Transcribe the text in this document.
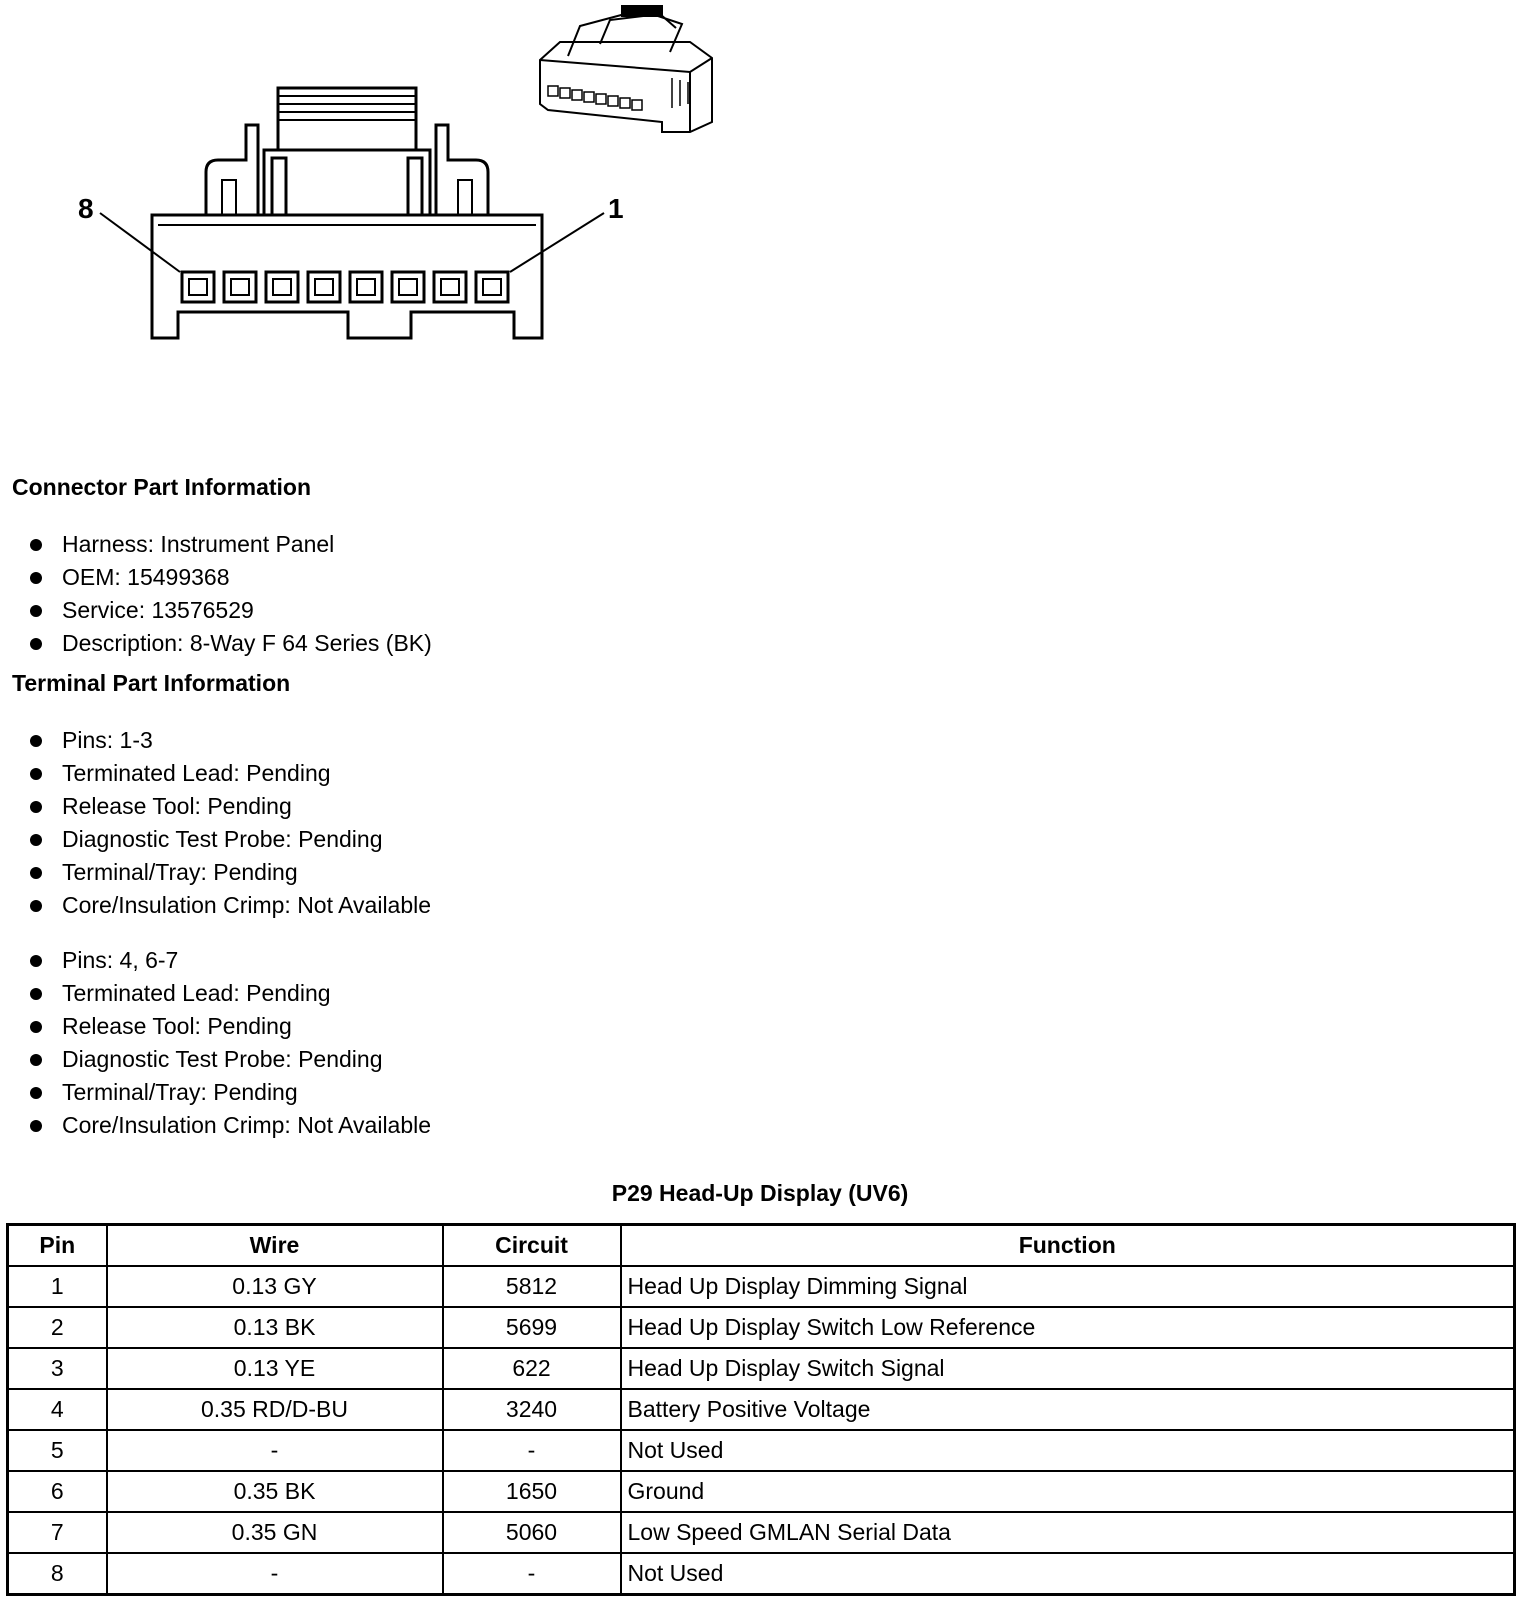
8	1
Connector Part Information
Harness: Instrument Panel
OEM: 15499368
Service: 13576529
Description: 8-Way F 64 Series (BK)
Terminal Part Information
Pins: 1-3
Terminated Lead: Pending
Release Tool: Pending
Diagnostic Test Probe: Pending
Terminal/Tray: Pending
Core/Insulation Crimp: Not Available
Pins: 4, 6-7
Terminated Lead: Pending
Release Tool: Pending
Diagnostic Test Probe: Pending
Terminal/Tray: Pending
Core/Insulation Crimp: Not Available
P29 Head-Up Display (UV6)
Pin	Wire	Circuit	Function
1	0.13 GY	5812	Head Up Display Dimming Signal
2	0.13 BK	5699	Head Up Display Switch Low Reference
3	0.13 YE	622	Head Up Display Switch Signal
4	0.35 RD/D-BU	3240	Battery Positive Voltage
5	-	-	Not Used
6	0.35 BK	1650	Ground
7	0.35 GN	5060	Low Speed GMLAN Serial Data
8	-	-	Not Used
